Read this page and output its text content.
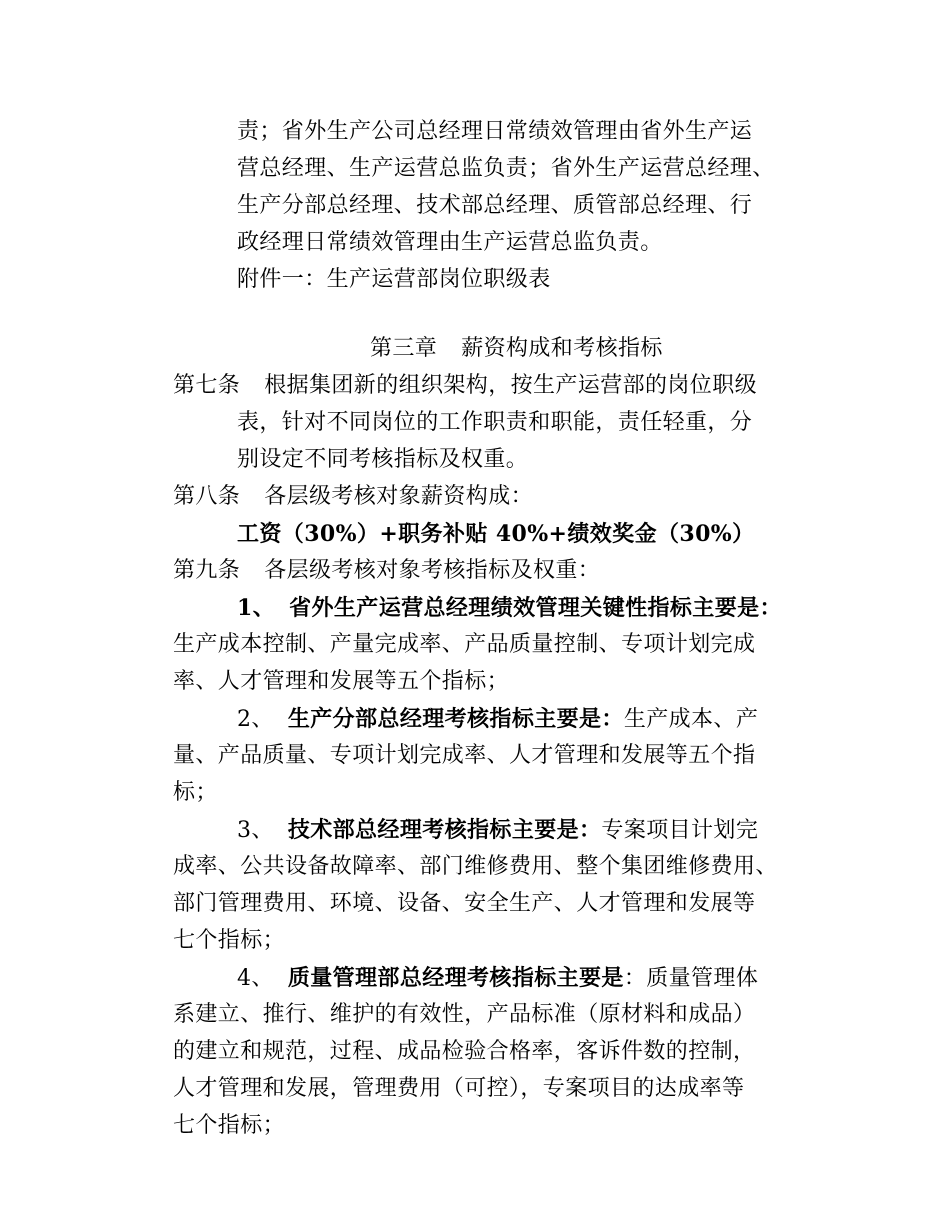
责；省外生产公司总经理日常绩效管理由省外生产运
营总经理、生产运营总监负责；省外生产运营总经理、
生产分部总经理、技术部总经理、质管部总经理、行
政经理日常绩效管理由生产运营总监负责。
附件一：生产运营部岗位职级表
第三章 薪资构成和考核指标
第七条 根据集团新的组织架构，按生产运营部的岗位职级
表，针对不同岗位的工作职责和职能，责任轻重，分
别设定不同考核指标及权重。
第八条 各层级考核对象薪资构成：
工资（30%）+职务补贴 40%+绩效奖金（30%）
第九条 各层级考核对象考核指标及权重：
1、 省外生产运营总经理绩效管理关键性指标主要是：
生产成本控制、产量完成率、产品质量控制、专项计划完成
率、人才管理和发展等五个指标；
2、 生产分部总经理考核指标主要是：生产成本、产
量、产品质量、专项计划完成率、人才管理和发展等五个指
标；
3、 技术部总经理考核指标主要是：专案项目计划完
成率、公共设备故障率、部门维修费用、整个集团维修费用、
部门管理费用、环境、设备、安全生产、人才管理和发展等
七个指标；
4、 质量管理部总经理考核指标主要是：质量管理体
系建立、推行、维护的有效性，产品标准（原材料和成品）
的建立和规范，过程、成品检验合格率，客诉件数的控制，
人才管理和发展，管理费用（可控），专案项目的达成率等
七个指标；
